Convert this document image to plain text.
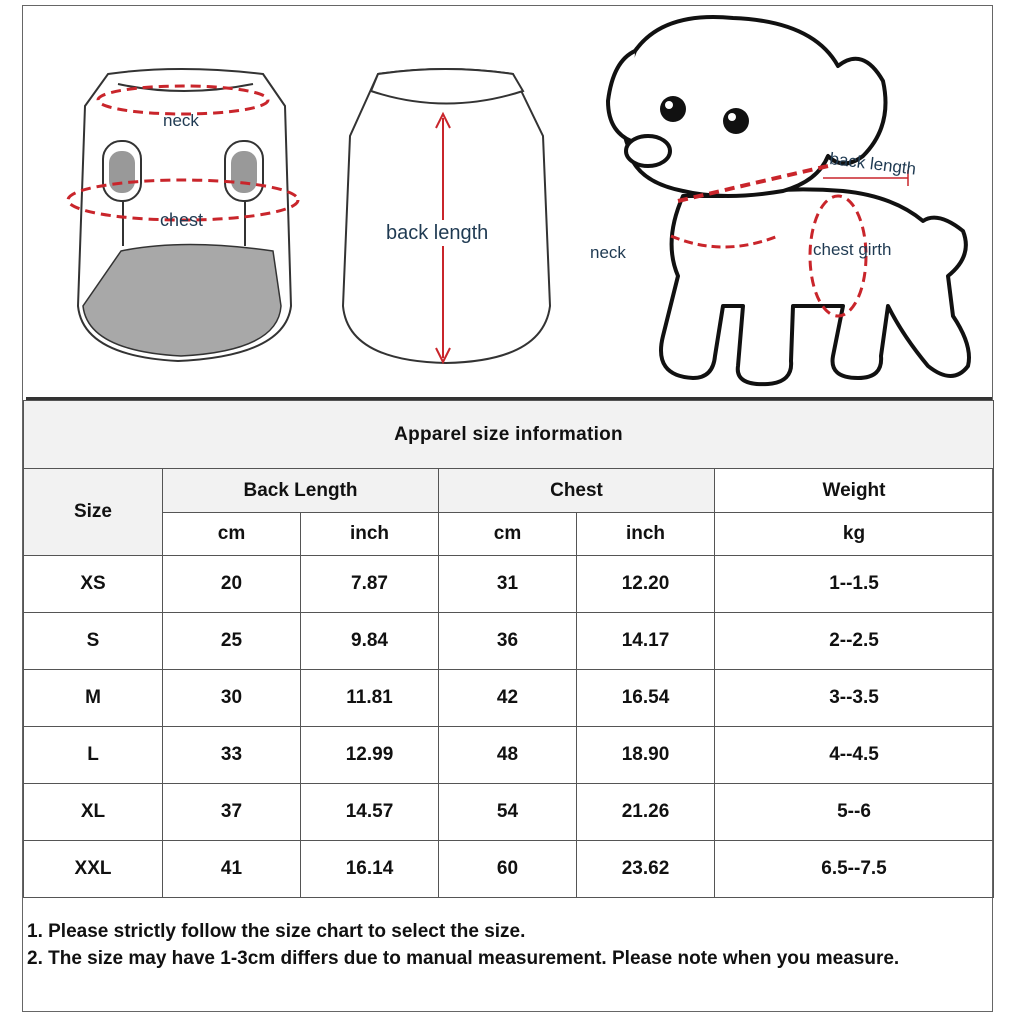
neck
chest
back length
back length
neck	chest girth
Apparel size information					
Size	Back Length		Chest		Weight
	cm	inch	cm	inch	kg
XS	20	7.87	31	12.20	1--1.5
S	25	9.84	36	14.17	2--2.5
M	30	11.81	42	16.54	3--3.5
L	33	12.99	48	18.90	4--4.5
XL	37	14.57	54	21.26	5--6
XXL	41	16.14	60	23.62	6.5--7.5
1. Please strictly follow the size chart to select the size.
2. The size may have 1-3cm differs due to manual measurement. Please note when you measure.
